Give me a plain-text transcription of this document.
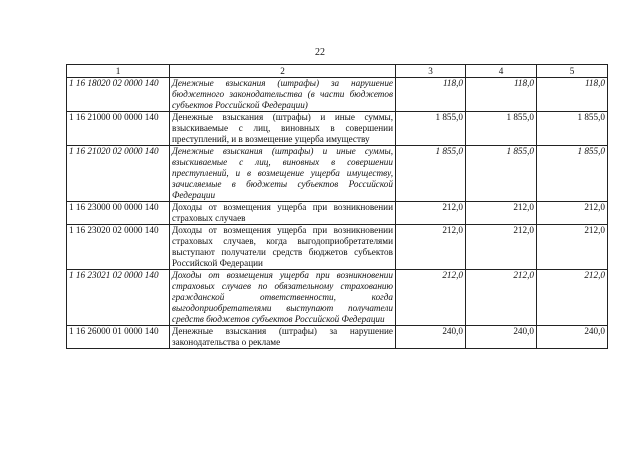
22
1	2	3	4	5
1 16 18020 02 0000 140	Денежные взыскания (штрафы) за нарушение бюджетного законодательства (в части бюджетов субъектов Российской Федерации)	118,0	118,0	118,0
1 16 21000 00 0000 140	Денежные взыскания (штрафы) и иные суммы, взыскиваемые с лиц, виновных в совершении преступлений, и в возмещение ущерба имуществу	1 855,0	1 855,0	1 855,0
1 16 21020 02 0000 140	Денежные взыскания (штрафы) и иные суммы, взыскиваемые с лиц, виновных в совершении преступлений, и в возмещение ущерба имуществу, зачисляемые в бюджеты субъектов Российской Федерации	1 855,0	1 855,0	1 855,0
1 16 23000 00 0000 140	Доходы от возмещения ущерба при возникновении страховых случаев	212,0	212,0	212,0
1 16 23020 02 0000 140	Доходы от возмещения ущерба при возникновении страховых случаев, когда выгодоприобретателями выступают получатели средств бюджетов субъектов Российской Федерации	212,0	212,0	212,0
1 16 23021 02 0000 140	Доходы от возмещения ущерба при возникновении страховых случаев по обязательному страхованию гражданской ответственности, когда выгодоприобретателями выступают получатели средств бюджетов субъектов Российской Федерации	212,0	212,0	212,0
1 16 26000 01 0000 140	Денежные взыскания (штрафы) за нарушение законодательства о рекламе	240,0	240,0	240,0
